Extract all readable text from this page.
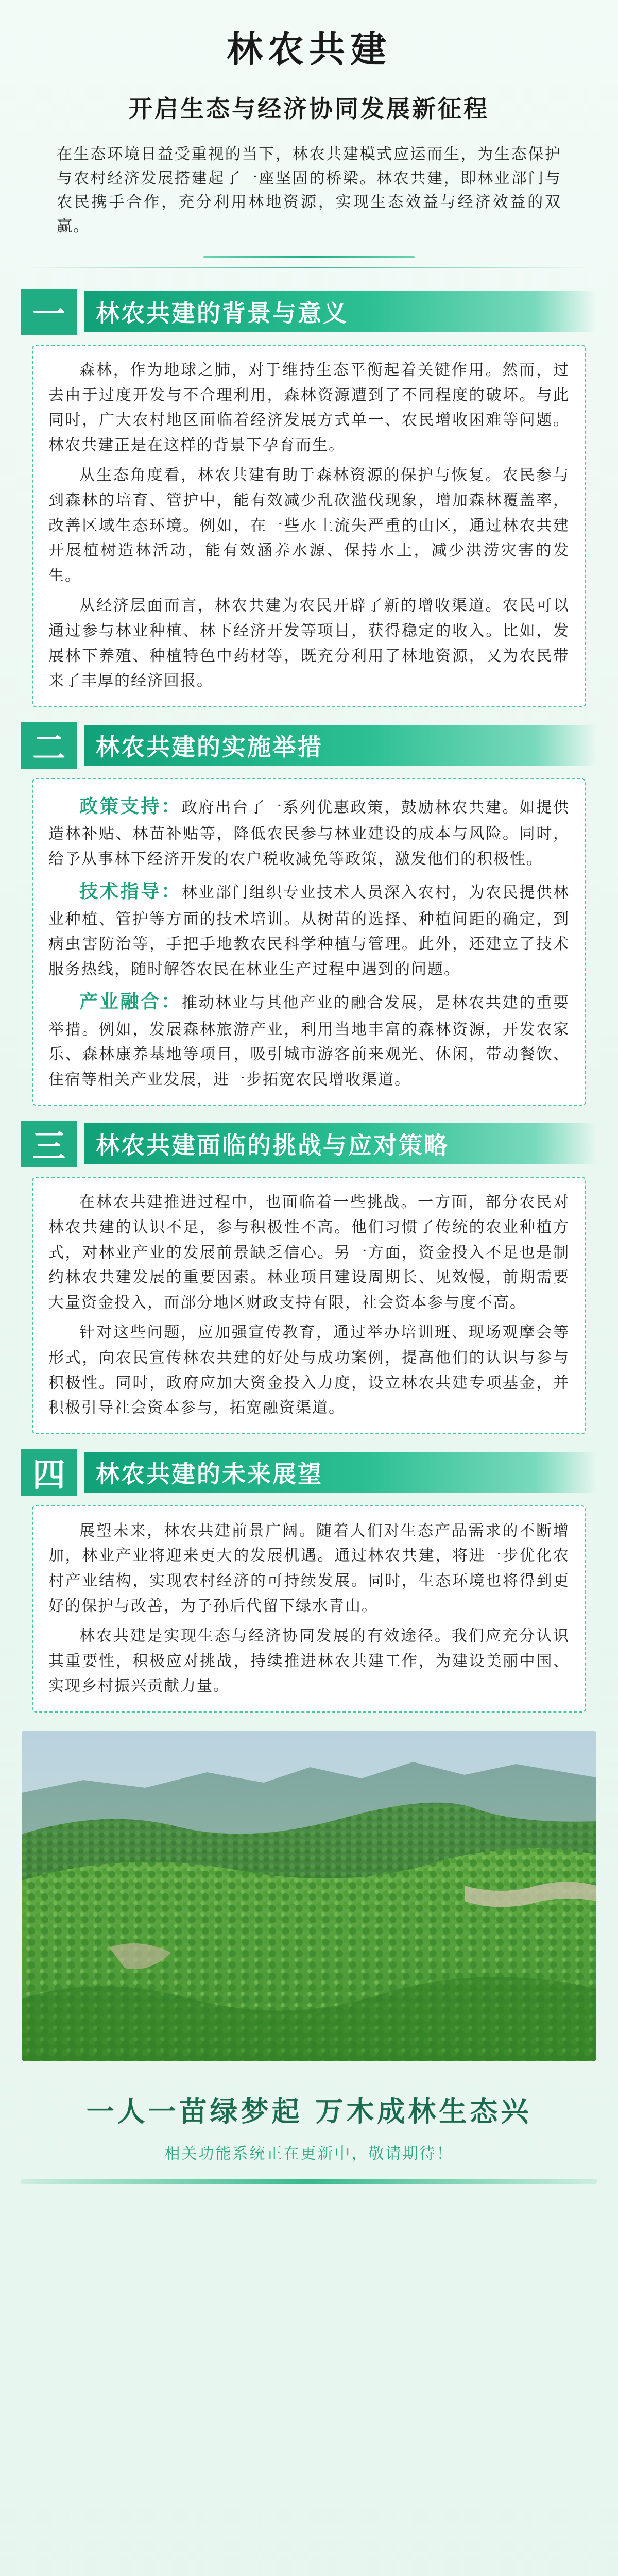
林农共建
开启生态与经济协同发展新征程
在生态环境日益受重视的当下，林农共建模式应运而生，为生态保护与农村经济发展搭建起了一座坚固的桥梁。林农共建，即林业部门与农民携手合作，充分利用林地资源，实现生态效益与经济效益的双赢。
一	林农共建的背景与意义

森林，作为地球之肺，对于维持生态平衡起着关键作用。然而，过去由于过度开发与不合理利用，森林资源遭到了不同程度的破坏。与此同时，广大农村地区面临着经济发展方式单一、农民增收困难等问题。林农共建正是在这样的背景下孕育而生。

从生态角度看，林农共建有助于森林资源的保护与恢复。农民参与到森林的培育、管护中，能有效减少乱砍滥伐现象，增加森林覆盖率，改善区域生态环境。例如，在一些水土流失严重的山区，通过林农共建开展植树造林活动，能有效涵养水源、保持水土，减少洪涝灾害的发生。

从经济层面而言，林农共建为农民开辟了新的增收渠道。农民可以通过参与林业种植、林下经济开发等项目，获得稳定的收入。比如，发展林下养殖、种植特色中药材等，既充分利用了林地资源，又为农民带来了丰厚的经济回报。

二	林农共建的实施举措

政策支持：政府出台了一系列优惠政策，鼓励林农共建。如提供造林补贴、林苗补贴等，降低农民参与林业建设的成本与风险。同时，给予从事林下经济开发的农户税收减免等政策，激发他们的积极性。

技术指导：林业部门组织专业技术人员深入农村，为农民提供林业种植、管护等方面的技术培训。从树苗的选择、种植间距的确定，到病虫害防治等，手把手地教农民科学种植与管理。此外，还建立了技术服务热线，随时解答农民在林业生产过程中遇到的问题。

产业融合：推动林业与其他产业的融合发展，是林农共建的重要举措。例如，发展森林旅游产业，利用当地丰富的森林资源，开发农家乐、森林康养基地等项目，吸引城市游客前来观光、休闲，带动餐饮、住宿等相关产业发展，进一步拓宽农民增收渠道。

三	林农共建面临的挑战与应对策略

在林农共建推进过程中，也面临着一些挑战。一方面，部分农民对林农共建的认识不足，参与积极性不高。他们习惯了传统的农业种植方式，对林业产业的发展前景缺乏信心。另一方面，资金投入不足也是制约林农共建发展的重要因素。林业项目建设周期长、见效慢，前期需要大量资金投入，而部分地区财政支持有限，社会资本参与度不高。

针对这些问题，应加强宣传教育，通过举办培训班、现场观摩会等形式，向农民宣传林农共建的好处与成功案例，提高他们的认识与参与积极性。同时，政府应加大资金投入力度，设立林农共建专项基金，并积极引导社会资本参与，拓宽融资渠道。

四	林农共建的未来展望

展望未来，林农共建前景广阔。随着人们对生态产品需求的不断增加，林业产业将迎来更大的发展机遇。通过林农共建，将进一步优化农村产业结构，实现农村经济的可持续发展。同时，生态环境也将得到更好的保护与改善，为子孙后代留下绿水青山。

林农共建是实现生态与经济协同发展的有效途径。我们应充分认识其重要性，积极应对挑战，持续推进林农共建工作，为建设美丽中国、实现乡村振兴贡献力量。

一人一苗绿梦起 万木成林生态兴
相关功能系统正在更新中，敬请期待！
